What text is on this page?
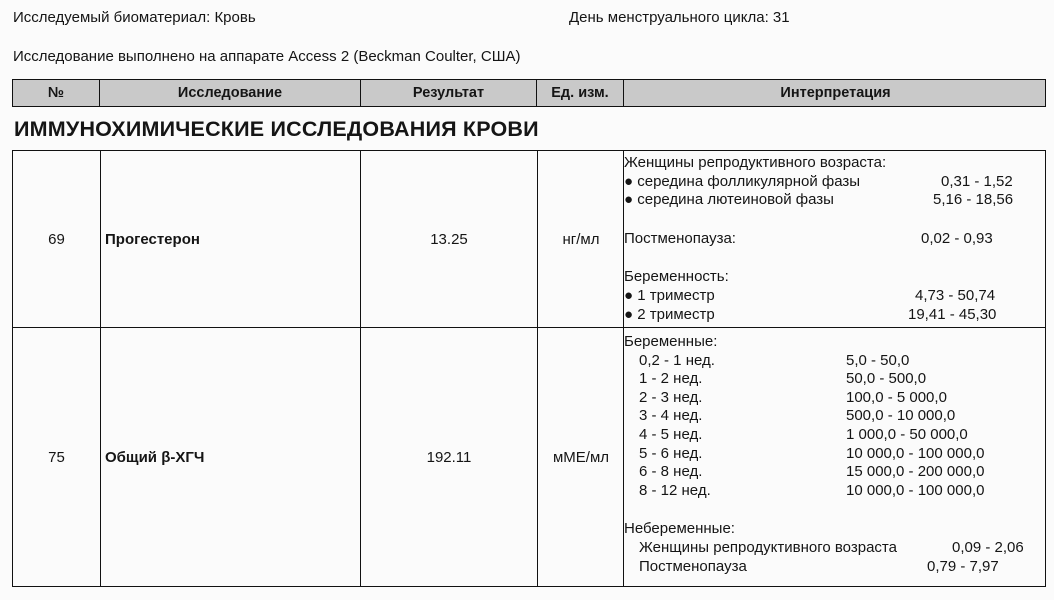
Исследуемый биоматериал: Кровь	День менструального цикла: 31
Исследование выполнено на аппарате Access 2 (Beckman Coulter, США)
№	Исследование	Результат	Ед. изм.	Интерпретация
ИММУНОХИМИЧЕСКИЕ ИССЛЕДОВАНИЯ КРОВИ
69	Прогестерон	13.25	нг/мл
Женщины репродуктивного возраста:
● середина фолликулярной фазы	0,31 - 1,52
● середина лютеиновой фазы	5,16 - 18,56
Постменопауза:	0,02 - 0,93
Беременность:
● 1 триместр	4,73 - 50,74
● 2 триместр	19,41 - 45,30
75	Общий β-ХГЧ	192.11	мМЕ/мл
Беременные:
0,2 - 1 нед.	5,0 - 50,0
1 - 2 нед.	50,0 - 500,0
2 - 3 нед.	100,0 - 5 000,0
3 - 4 нед.	500,0 - 10 000,0
4 - 5 нед.	1 000,0 - 50 000,0
5 - 6 нед.	10 000,0 - 100 000,0
6 - 8 нед.	15 000,0 - 200 000,0
8 - 12 нед.	10 000,0 - 100 000,0
Небеременные:
Женщины репродуктивного возраста	0,09 - 2,06
Постменопауза	0,79 - 7,97
